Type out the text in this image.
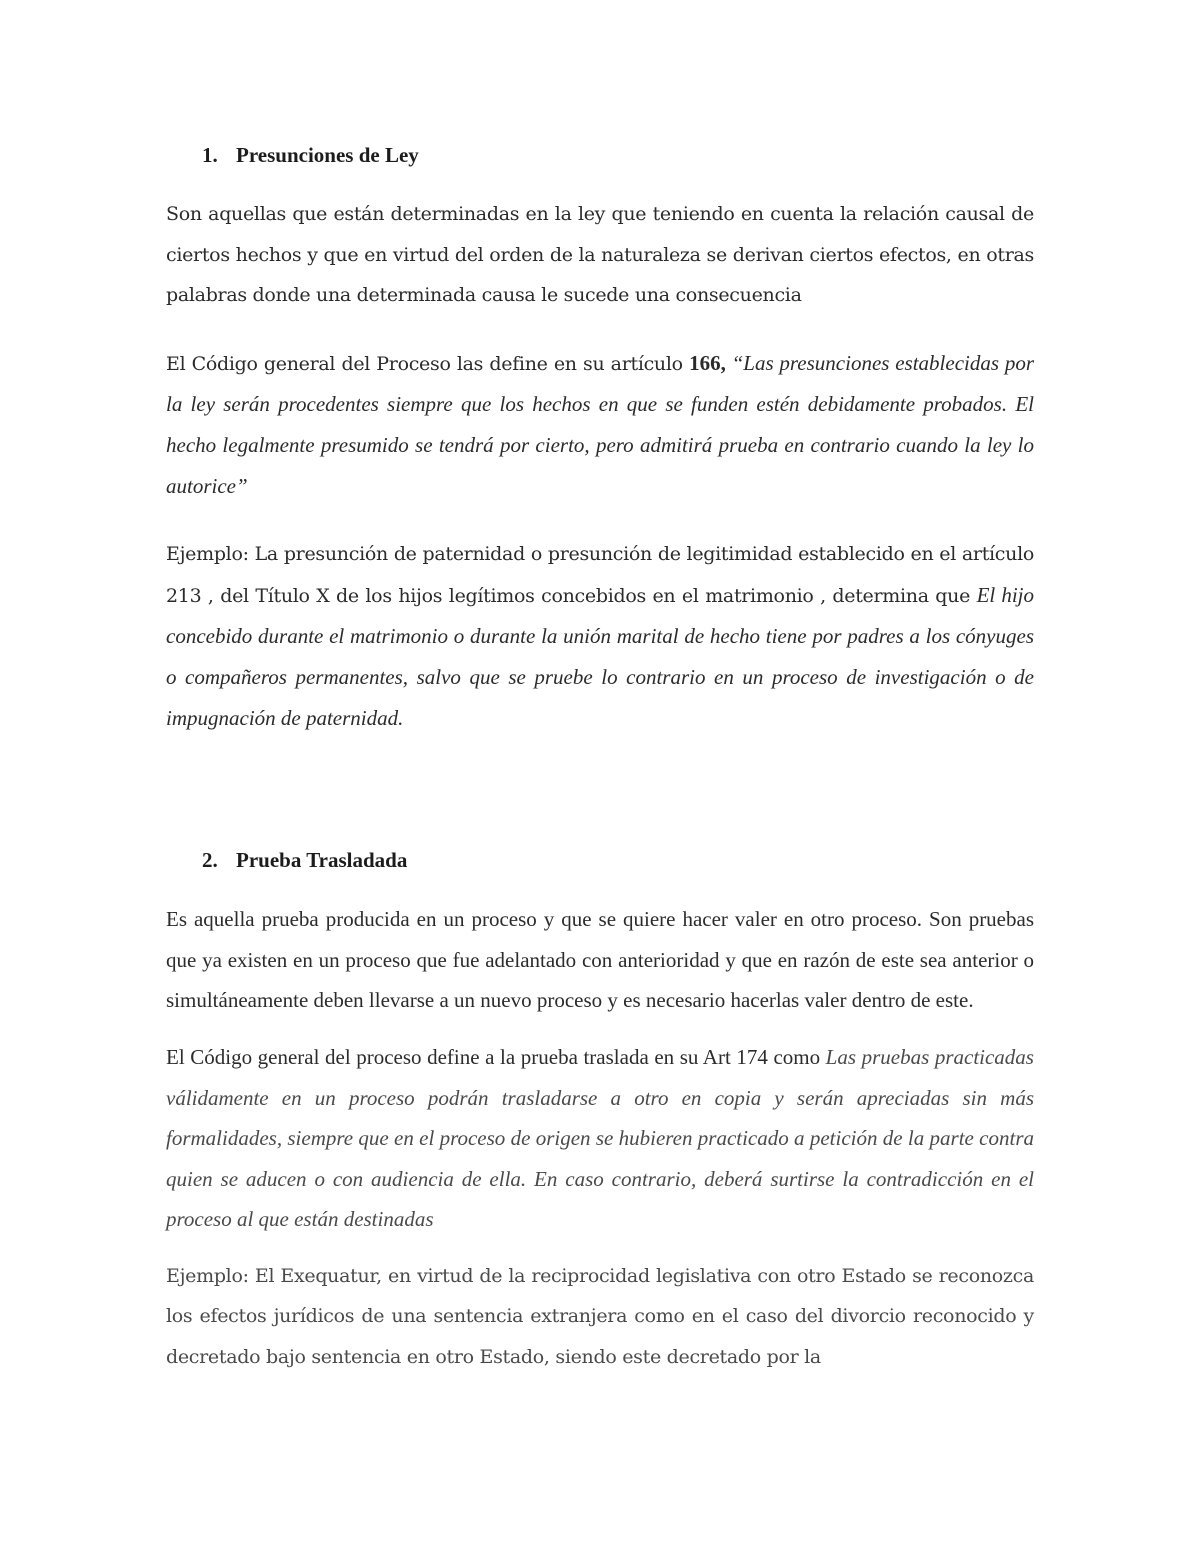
1. Presunciones de Ley

Son aquellas que están determinadas en la ley que teniendo en cuenta la relación causal de ciertos hechos y que en virtud del orden de la naturaleza se derivan ciertos efectos, en otras palabras donde una determinada causa le sucede una consecuencia

El Código general del Proceso las define en su artículo 166, “Las presunciones establecidas por la ley serán procedentes siempre que los hechos en que se funden estén debidamente probados. El hecho legalmente presumido se tendrá por cierto, pero admitirá prueba en contrario cuando la ley lo autorice”

Ejemplo: La presunción de paternidad o presunción de legitimidad establecido en el artículo 213 , del Título X de los hijos legítimos concebidos en el matrimonio , determina que El hijo concebido durante el matrimonio o durante la unión marital de hecho tiene por padres a los cónyuges o compañeros permanentes, salvo que se pruebe lo contrario en un proceso de investigación o de impugnación de paternidad.

2. Prueba Trasladada

Es aquella prueba producida en un proceso y que se quiere hacer valer en otro proceso. Son pruebas que ya existen en un proceso que fue adelantado con anterioridad y que en razón de este sea anterior o simultáneamente deben llevarse a un nuevo proceso y es necesario hacerlas valer dentro de este.

El Código general del proceso define a la prueba traslada en su Art 174 como Las pruebas practicadas válidamente en un proceso podrán trasladarse a otro en copia y serán apreciadas sin más formalidades, siempre que en el proceso de origen se hubieren practicado a petición de la parte contra quien se aducen o con audiencia de ella. En caso contrario, deberá surtirse la contradicción en el proceso al que están destinadas

Ejemplo: El Exequatur, en virtud de la reciprocidad legislativa con otro Estado se reconozca los efectos jurídicos de una sentencia extranjera como en el caso del divorcio reconocido y decretado bajo sentencia en otro Estado, siendo este decretado por la
